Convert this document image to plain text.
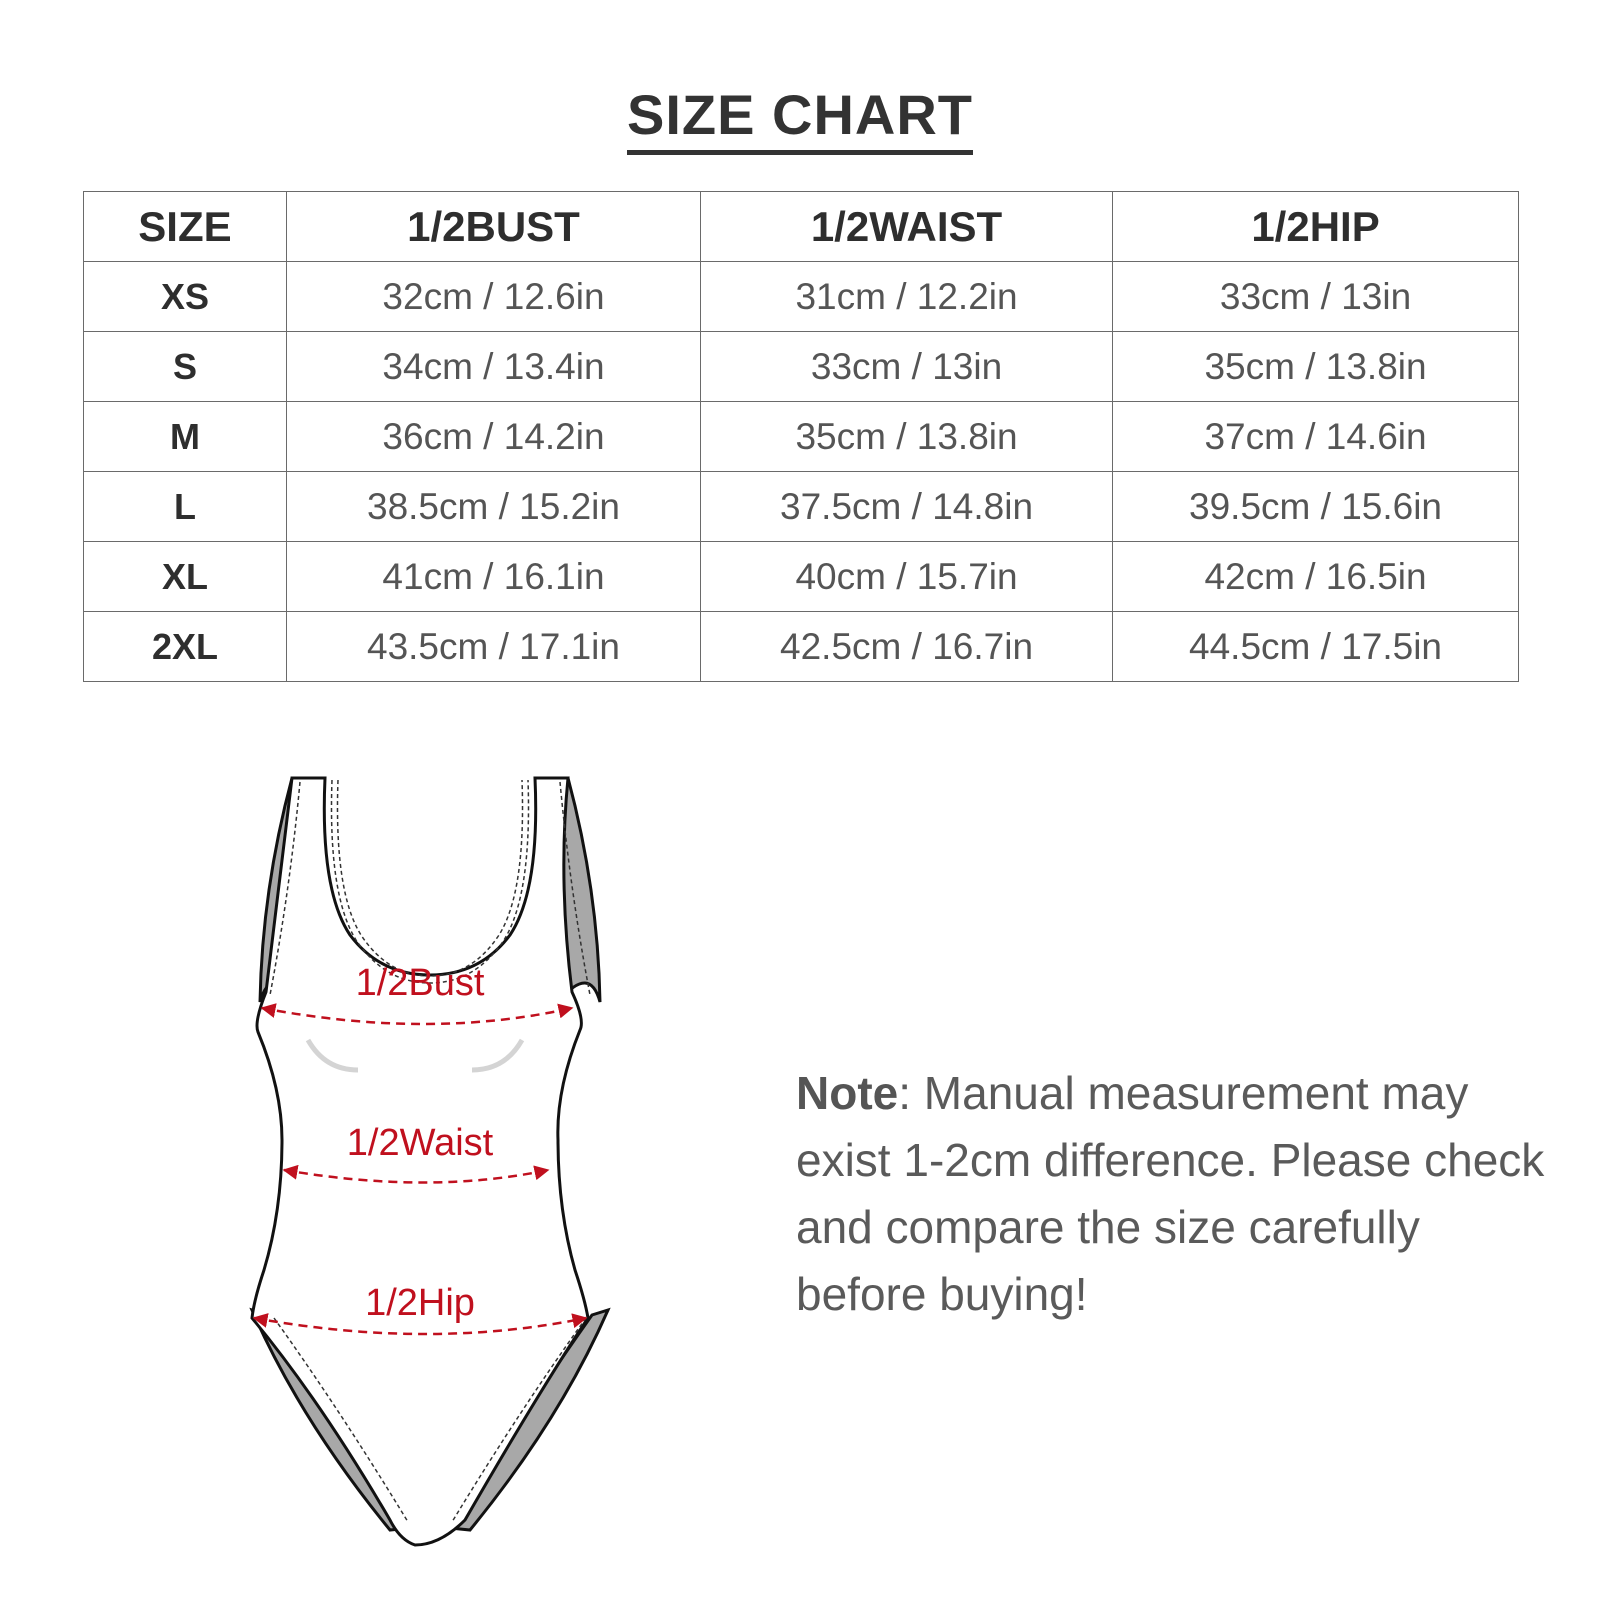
SIZE CHART
SIZE	1/2BUST	1/2WAIST	1/2HIP
XS	32cm / 12.6in	31cm / 12.2in	33cm / 13in
S	34cm / 13.4in	33cm / 13in	35cm / 13.8in
M	36cm / 14.2in	35cm / 13.8in	37cm / 14.6in
L	38.5cm / 15.2in	37.5cm / 14.8in	39.5cm / 15.6in
XL	41cm / 16.1in	40cm / 15.7in	42cm / 16.5in
2XL	43.5cm / 17.1in	42.5cm / 16.7in	44.5cm / 17.5in
1/2Bust
1/2Waist
1/2Hip
Note: Manual measurement may exist 1-2cm difference. Please check and compare the size carefully before buying!
